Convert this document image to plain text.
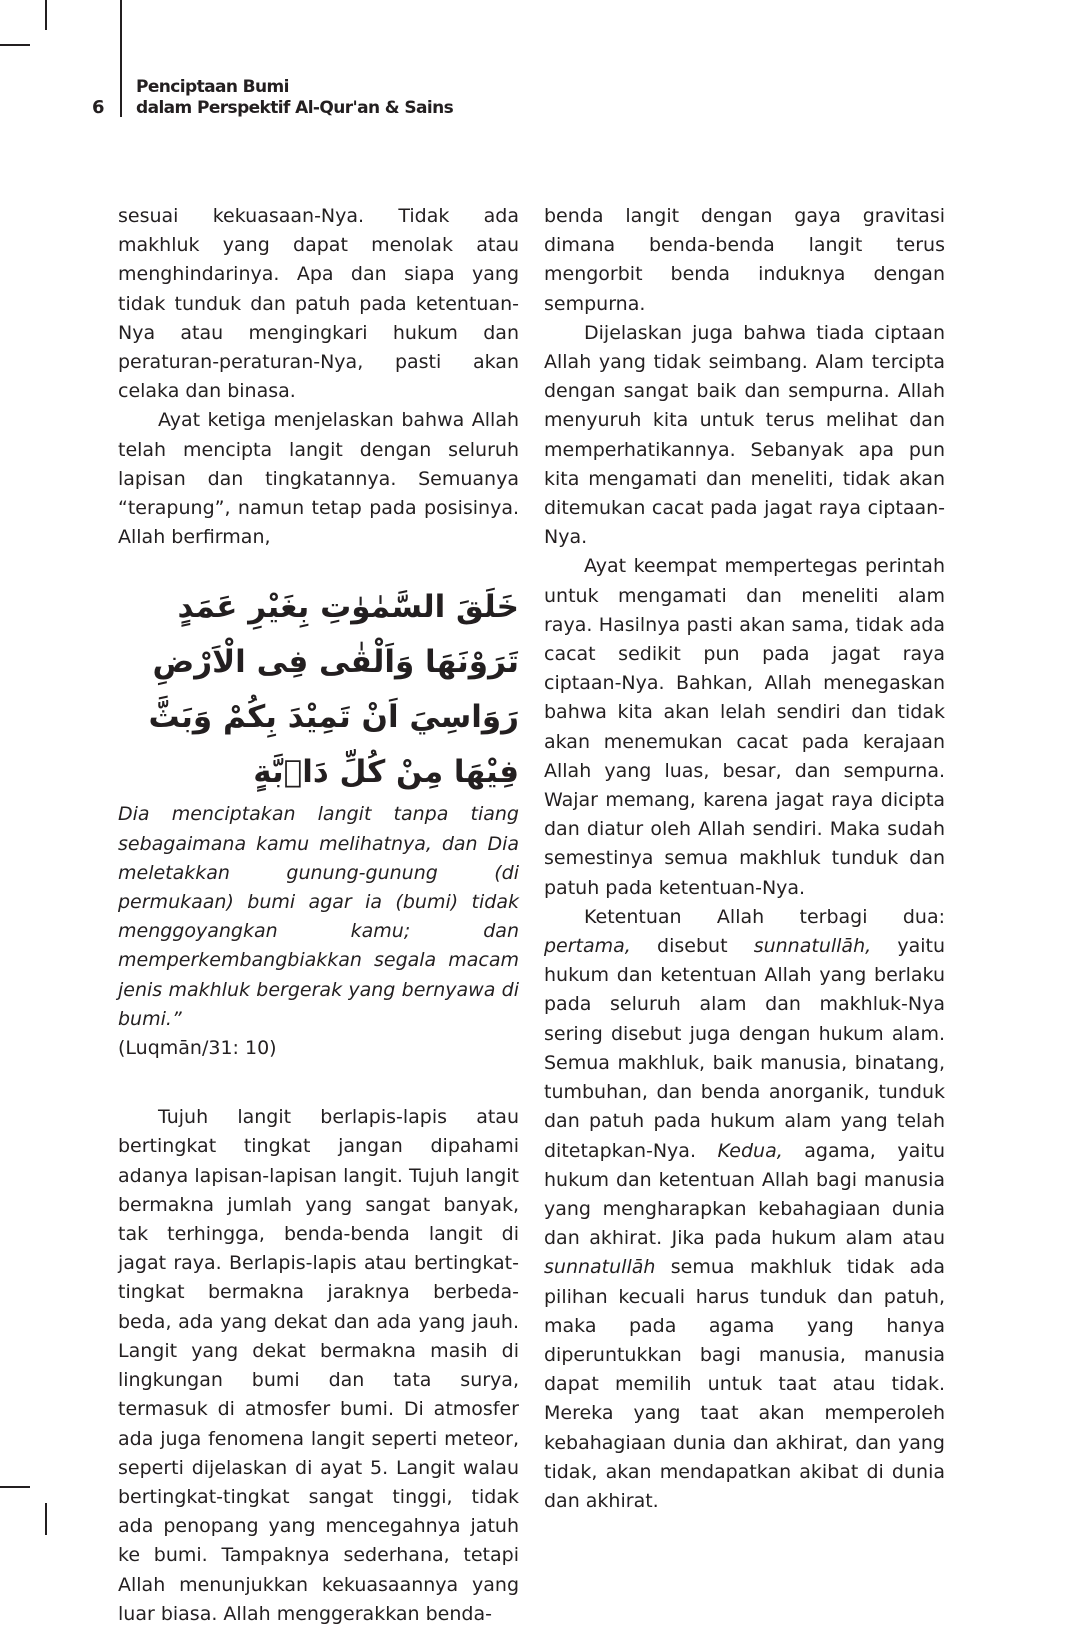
6
Penciptaan Bumi
dalam Perspektif Al-Qur'an & Sains

sesuai kekuasaan-Nya. Tidak ada makhluk yang dapat menolak atau menghindarinya. Apa dan siapa yang tidak tunduk dan patuh pada ketentuan-Nya atau mengingkari hukum dan peraturan-peraturan-Nya, pasti akan celaka dan binasa.

Ayat ketiga menjelaskan bahwa Allah telah mencipta langit dengan seluruh lapisan dan tingkatannya. Semuanya “terapung”, namun tetap pada posisinya. Allah berfirman,

خَلَقَ السَّمٰوٰتِ بِغَيْرِ عَمَدٍ تَرَوْنَهَا وَاَلْقٰى فِى الْاَرْضِ رَوَاسِيَ اَنْ تَمِيْدَ بِكُمْ وَبَثَّ فِيْهَا مِنْ كُلِّ دَاۤبَّةٍ

Dia menciptakan langit tanpa tiang sebagaimana kamu melihatnya, dan Dia meletakkan gunung-gunung (di permukaan) bumi agar ia (bumi) tidak menggoyangkan kamu; dan memperkembangbiakkan segala macam jenis makhluk bergerak yang bernyawa di bumi.”

(Luqmān/31: 10)

Tujuh langit berlapis-lapis atau bertingkat tingkat jangan dipahami adanya lapisan-lapisan langit. Tujuh langit bermakna jumlah yang sangat banyak, tak terhingga, benda-benda langit di jagat raya. Berlapis-lapis atau bertingkat-tingkat bermakna jaraknya berbeda-beda, ada yang dekat dan ada yang jauh. Langit yang dekat bermakna masih di lingkungan bumi dan tata surya, termasuk di atmosfer bumi. Di atmosfer ada juga fenomena langit seperti meteor, seperti dijelaskan di ayat 5. Langit walau bertingkat-tingkat sangat tinggi, tidak ada penopang yang mencegahnya jatuh ke bumi. Tampaknya sederhana, tetapi Allah menunjukkan kekuasaannya yang luar biasa. Allah menggerakkan benda-

benda langit dengan gaya gravitasi dimana benda-benda langit terus mengorbit benda induknya dengan sempurna.

Dijelaskan juga bahwa tiada ciptaan Allah yang tidak seimbang. Alam tercipta dengan sangat baik dan sempurna. Allah menyuruh kita untuk terus melihat dan memperhatikannya. Sebanyak apa pun kita mengamati dan meneliti, tidak akan ditemukan cacat pada jagat raya ciptaan-Nya.

Ayat keempat mempertegas perintah untuk mengamati dan meneliti alam raya. Hasilnya pasti akan sama, tidak ada cacat sedikit pun pada jagat raya ciptaan-Nya. Bahkan, Allah menegaskan bahwa kita akan lelah sendiri dan tidak akan menemukan cacat pada kerajaan Allah yang luas, besar, dan sempurna. Wajar memang, karena jagat raya dicipta dan diatur oleh Allah sendiri. Maka sudah semestinya semua makhluk tunduk dan patuh pada ketentuan-Nya.

Ketentuan Allah terbagi dua: pertama, disebut sunnatullāh, yaitu hukum dan ketentuan Allah yang berlaku pada seluruh alam dan makhluk-Nya sering disebut juga dengan hukum alam. Semua makhluk, baik manusia, binatang, tumbuhan, dan benda anorganik, tunduk dan patuh pada hukum alam yang telah ditetapkan-Nya. Kedua, agama, yaitu hukum dan ketentuan Allah bagi manusia yang mengharapkan kebahagiaan dunia dan akhirat. Jika pada hukum alam atau sunnatullāh semua makhluk tidak ada pilihan kecuali harus tunduk dan patuh, maka pada agama yang hanya diperuntukkan bagi manusia, manusia dapat memilih untuk taat atau tidak. Mereka yang taat akan memperoleh kebahagiaan dunia dan akhirat, dan yang tidak, akan mendapatkan akibat di dunia dan akhirat.
